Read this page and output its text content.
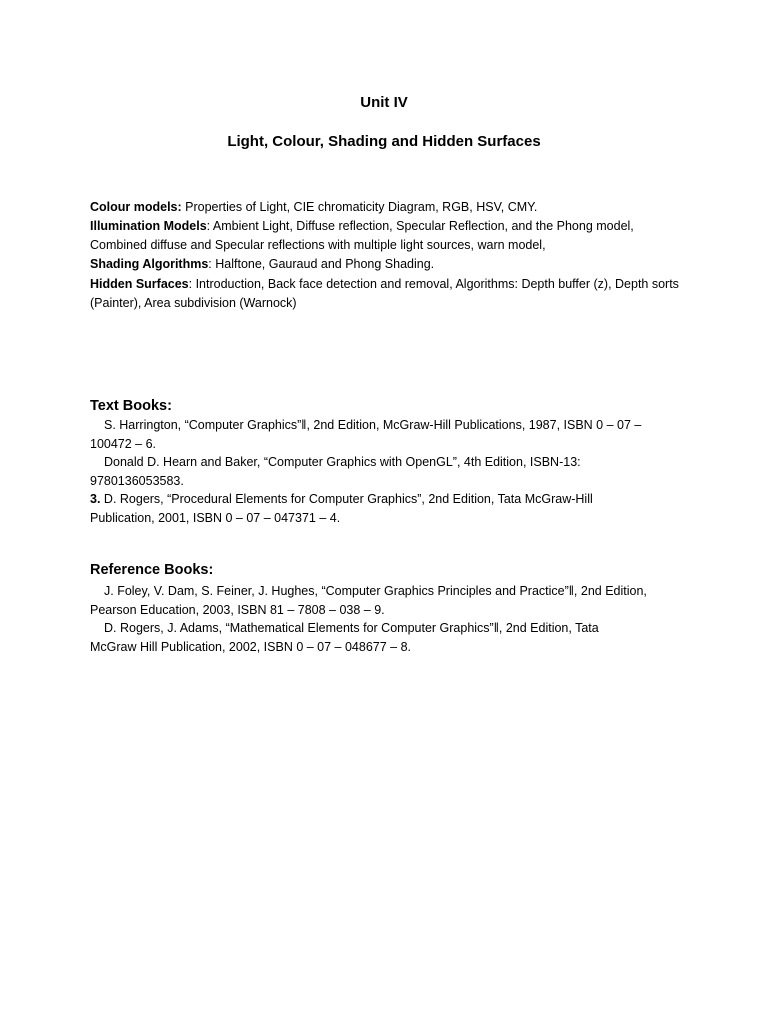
Unit IV
Light, Colour, Shading and Hidden Surfaces
Colour models: Properties of Light, CIE chromaticity Diagram, RGB, HSV, CMY.
Illumination Models: Ambient Light, Diffuse reflection, Specular Reflection, and the Phong model, Combined diffuse and Specular reflections with multiple light sources, warn model,
Shading Algorithms: Halftone, Gauraud and Phong Shading.
Hidden Surfaces: Introduction, Back face detection and removal, Algorithms: Depth buffer (z), Depth sorts (Painter), Area subdivision (Warnock)
Text Books:
S. Harrington, “Computer Graphics”‖, 2nd Edition, McGraw-Hill Publications, 1987, ISBN 0 – 07 –
100472 – 6.
Donald D. Hearn and Baker, “Computer Graphics with OpenGL”, 4th Edition, ISBN-13:
9780136053583.
3. D. Rogers, “Procedural Elements for Computer Graphics”, 2nd Edition, Tata McGraw-Hill
Publication, 2001, ISBN 0 – 07 – 047371 – 4.
Reference Books:
J. Foley, V. Dam, S. Feiner, J. Hughes, “Computer Graphics Principles and Practice”‖, 2nd Edition,
Pearson Education, 2003, ISBN 81 – 7808 – 038 – 9.
D. Rogers, J. Adams, “Mathematical Elements for Computer Graphics”‖, 2nd Edition, Tata
McGraw Hill Publication, 2002, ISBN 0 – 07 – 048677 – 8.
